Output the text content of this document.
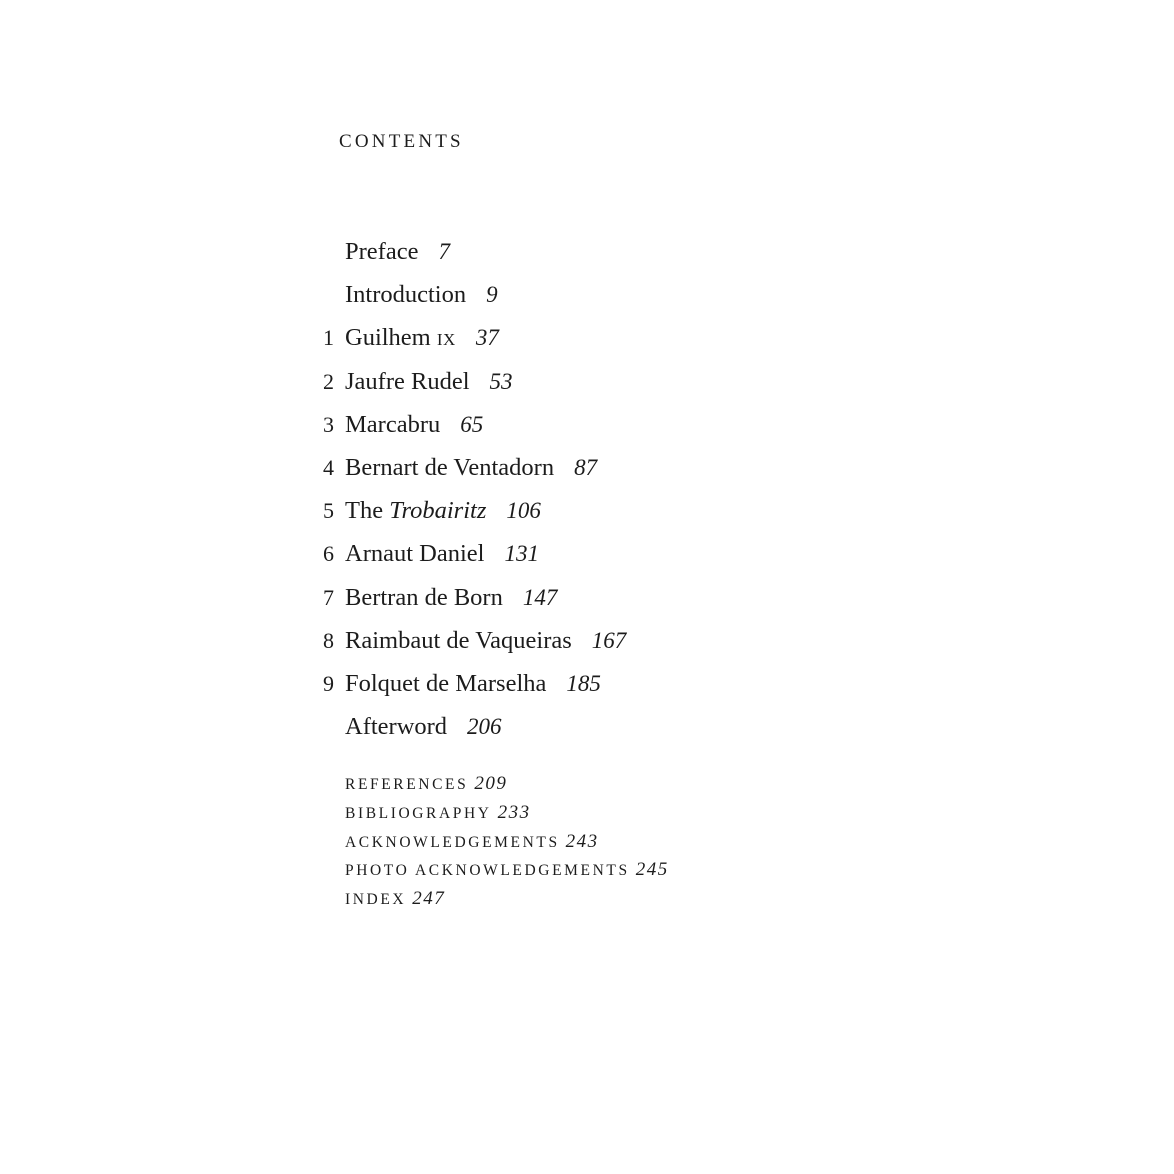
CONTENTS
Preface 7
Introduction 9
1 Guilhem IX 37
2 Jaufre Rudel 53
3 Marcabru 65
4 Bernart de Ventadorn 87
5 The Trobairitz 106
6 Arnaut Daniel 131
7 Bertran de Born 147
8 Raimbaut de Vaqueiras 167
9 Folquet de Marselha 185
Afterword 206
REFERENCES 209
BIBLIOGRAPHY 233
ACKNOWLEDGEMENTS 243
PHOTO ACKNOWLEDGEMENTS 245
INDEX 247
